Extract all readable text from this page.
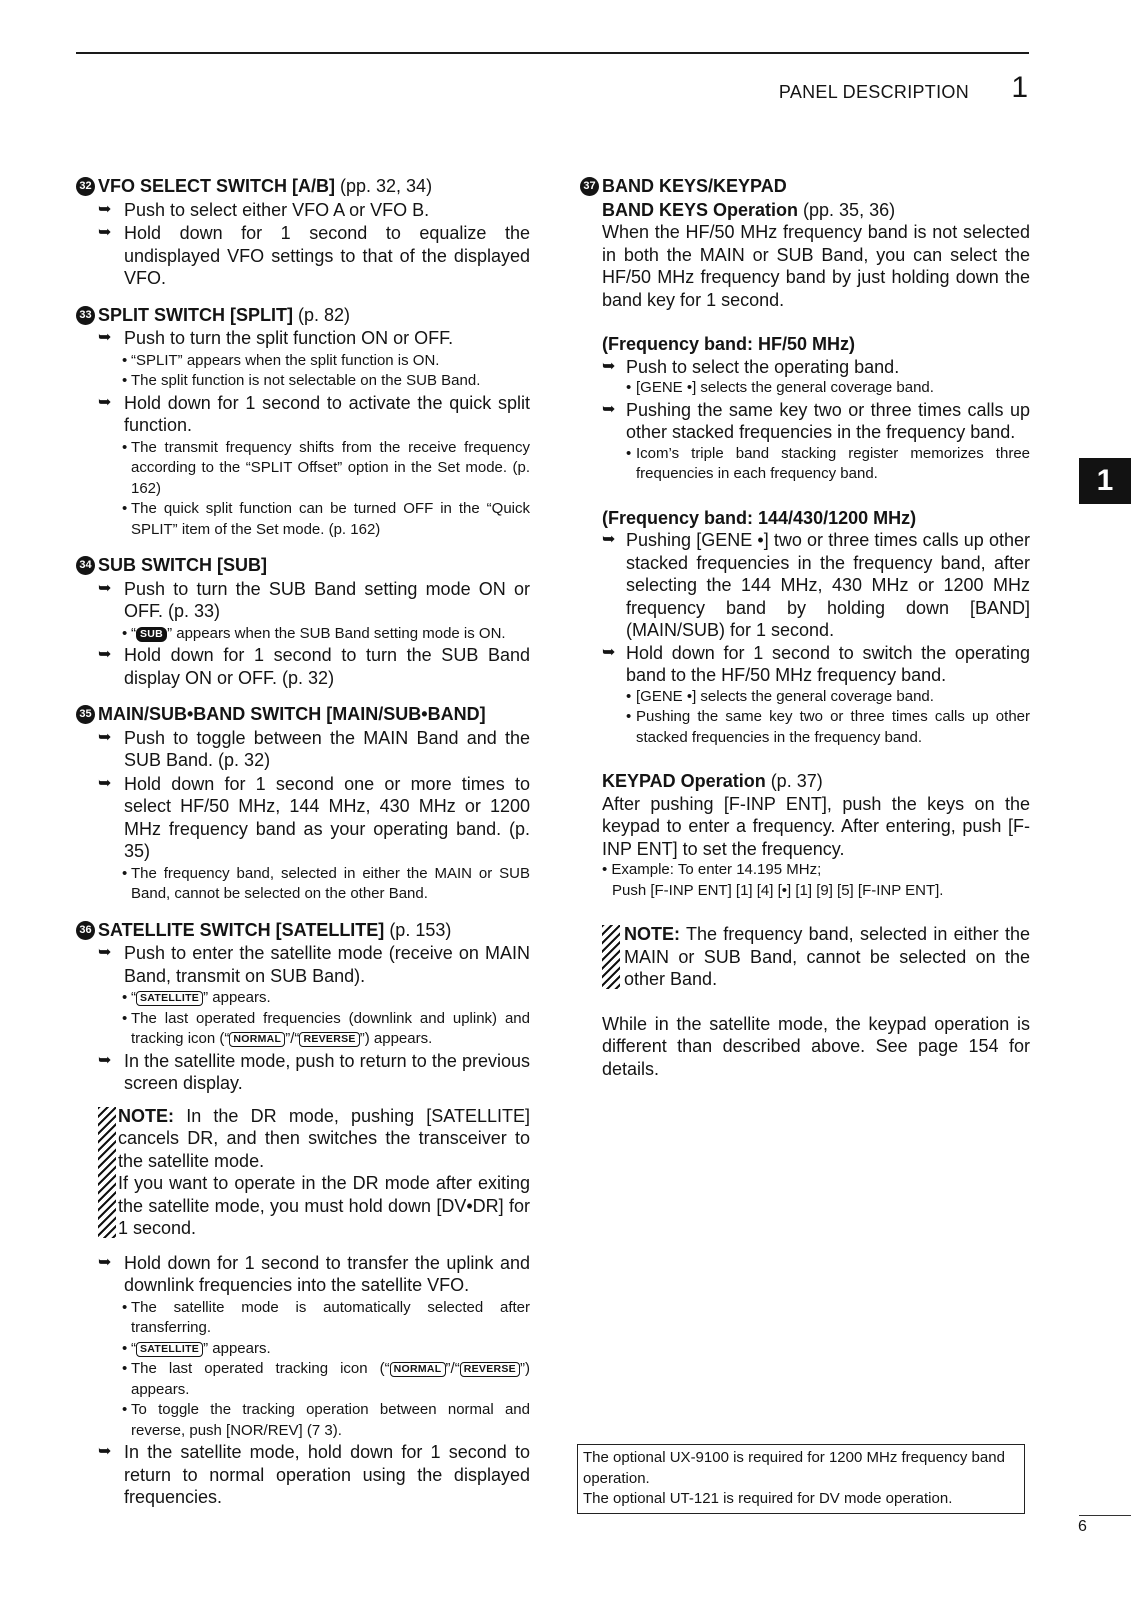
PANEL DESCRIPTION 1
1
32 VFO SELECT SWITCH [A/B] (pp. 32, 34)
➥ Push to select either VFO A or VFO B.
➥ Hold down for 1 second to equalize the undisplayed VFO settings to that of the displayed VFO.
33 SPLIT SWITCH [SPLIT] (p. 82)
➥ Push to turn the split function ON or OFF.
• “SPLIT” appears when the split function is ON.
• The split function is not selectable on the SUB Band.
➥ Hold down for 1 second to activate the quick split function.
• The transmit frequency shifts from the receive frequency according to the “SPLIT Offset” option in the Set mode. (p. 162)
• The quick split function can be turned OFF in the “Quick SPLIT” item of the Set mode. (p. 162)
34 SUB SWITCH [SUB]
➥ Push to turn the SUB Band setting mode ON or OFF. (p. 33)
• “ SUB ” appears when the SUB Band setting mode is ON.
➥ Hold down for 1 second to turn the SUB Band display ON or OFF. (p. 32)
35 MAIN/SUB•BAND SWITCH [MAIN/SUB•BAND]
➥ Push to toggle between the MAIN Band and the SUB Band. (p. 32)
➥ Hold down for 1 second one or more times to select HF/50 MHz, 144 MHz, 430 MHz or 1200 MHz frequency band as your operating band. (p. 35)
• The frequency band, selected in either the MAIN or SUB Band, cannot be selected on the other Band.
36 SATELLITE SWITCH [SATELLITE] (p. 153)
➥ Push to enter the satellite mode (receive on MAIN Band, transmit on SUB Band).
• “ SATELLITE ” appears.
• The last operated frequencies (downlink and uplink) and tracking icon (“ NORMAL ”/“ REVERSE ”) appears.
➥ In the satellite mode, push to return to the previous screen display.

NOTE: In the DR mode, pushing [SATELLITE] cancels DR, and then switches the transceiver to the satellite mode.

If you want to operate in the DR mode after exiting the satellite mode, you must hold down [DV•DR] for 1 second.

➥ Hold down for 1 second to transfer the uplink and downlink frequencies into the satellite VFO.
• The satellite mode is automatically selected after transferring.
• “ SATELLITE ” appears.
• The last operated tracking icon (“ NORMAL ”/“ REVERSE ”) appears.
• To toggle the tracking operation between normal and reverse, push [NOR/REV] (7 3).
➥ In the satellite mode, hold down for 1 second to return to normal operation using the displayed frequencies.
37 BAND KEYS/KEYPAD

BAND KEYS Operation (pp. 35, 36)

When the HF/50 MHz frequency band is not selected in both the MAIN or SUB Band, you can select the HF/50 MHz frequency band by just holding down the band key for 1 second.

(Frequency band: HF/50 MHz)

➥ Push to select the operating band.
• [GENE •] selects the general coverage band.
➥ Pushing the same key two or three times calls up other stacked frequencies in the frequency band.
• Icom’s triple band stacking register memorizes three frequencies in each frequency band.

(Frequency band: 144/430/1200 MHz)

➥ Pushing [GENE •] two or three times calls up other stacked frequencies in the frequency band, after selecting the 144 MHz, 430 MHz or 1200 MHz frequency band by holding down [BAND](MAIN/SUB) for 1 second.
➥ Hold down for 1 second to switch the operating band to the HF/50 MHz frequency band.
• [GENE •] selects the general coverage band.
• Pushing the same key two or three times calls up other stacked frequencies in the frequency band.

KEYPAD Operation (p. 37)

After pushing [F-INP ENT], push the keys on the keypad to enter a frequency. After entering, push [F-INP ENT] to set the frequency.

• Example: To enter 14.195 MHz;
Push [F-INP ENT] [1] [4] [•] [1] [9] [5] [F-INP ENT].
NOTE: The frequency band, selected in either the MAIN or SUB Band, cannot be selected on the other Band.

While in the satellite mode, the keypad operation is different than described above. See page 154 for details.

The optional UX-9100 is required for 1200 MHz frequency band operation.
The optional UT-121 is required for DV mode operation.
6
